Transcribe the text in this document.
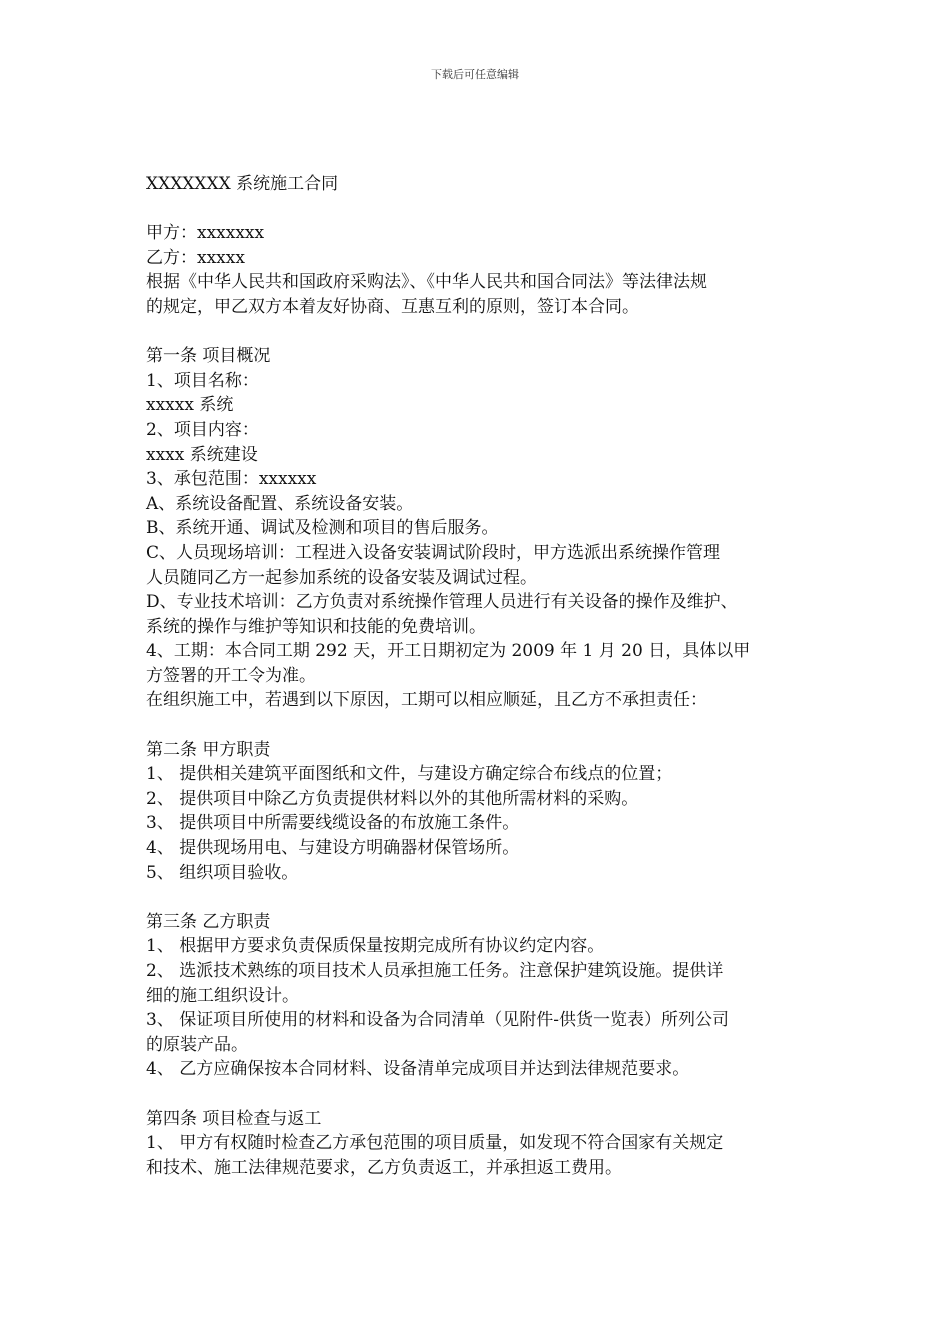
下载后可任意编辑

XXXXXXX 系统施工合同

甲方：xxxxxxx

乙方：xxxxx

根据《中华人民共和国政府采购法》、《中华人民共和国合同法》等法律法规

的规定，甲乙双方本着友好协商、互惠互利的原则，签订本合同。

第一条 项目概况

1、项目名称：

xxxxx 系统

2、项目内容：

xxxx 系统建设

3、承包范围：xxxxxx

A、系统设备配置、系统设备安装。

B、系统开通、调试及检测和项目的售后服务。

C、人员现场培训：工程进入设备安装调试阶段时，甲方选派出系统操作管理

人员随同乙方一起参加系统的设备安装及调试过程。

D、专业技术培训：乙方负责对系统操作管理人员进行有关设备的操作及维护、

系统的操作与维护等知识和技能的免费培训。

4、工期：本合同工期 292 天，开工日期初定为 2009 年 1 月 20 日，具体以甲

方签署的开工令为准。

在组织施工中，若遇到以下原因，工期可以相应顺延，且乙方不承担责任：

第二条 甲方职责

1、 提供相关建筑平面图纸和文件，与建设方确定综合布线点的位置；

2、 提供项目中除乙方负责提供材料以外的其他所需材料的采购。

3、 提供项目中所需要线缆设备的布放施工条件。

4、 提供现场用电、与建设方明确器材保管场所。

5、 组织项目验收。

第三条 乙方职责

1、 根据甲方要求负责保质保量按期完成所有协议约定内容。

2、 选派技术熟练的项目技术人员承担施工任务。注意保护建筑设施。提供详

细的施工组织设计。

3、 保证项目所使用的材料和设备为合同清单（见附件-供货一览表）所列公司

的原装产品。

4、 乙方应确保按本合同材料、设备清单完成项目并达到法律规范要求。

第四条 项目检查与返工

1、 甲方有权随时检查乙方承包范围的项目质量，如发现不符合国家有关规定

和技术、施工法律规范要求，乙方负责返工，并承担返工费用。
